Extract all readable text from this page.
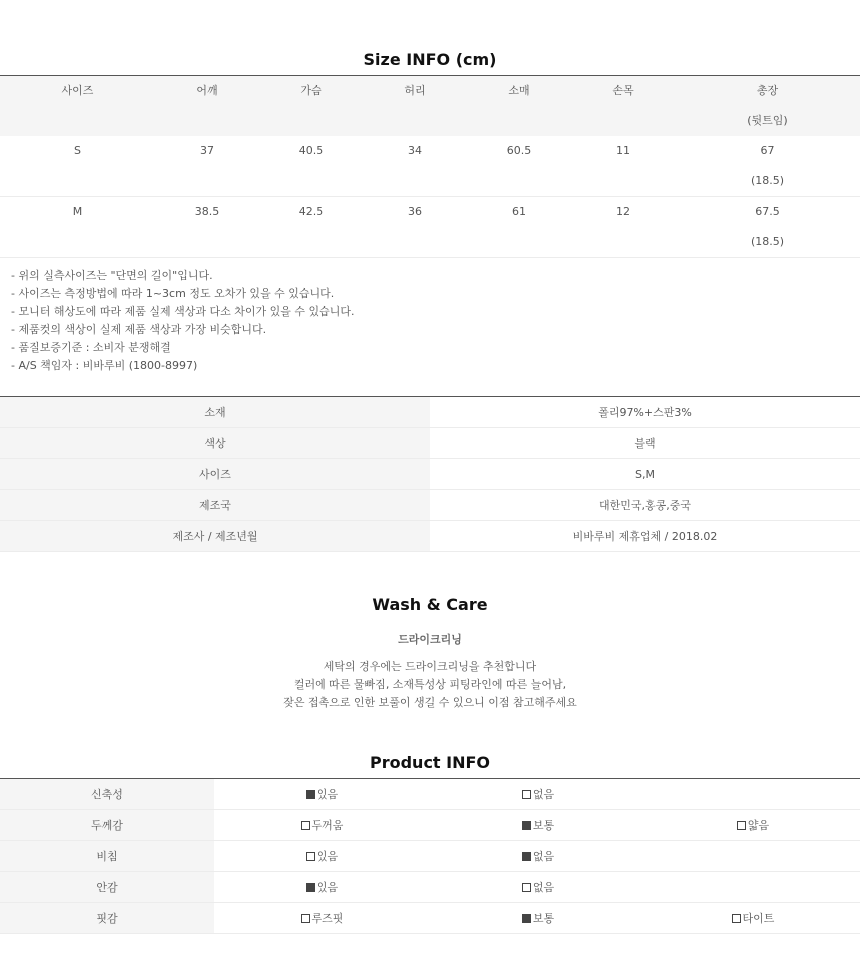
Size INFO (cm)
사이즈	어깨	가슴	허리	소매	손목	총장
(뒷트임)
S	37	40.5	34	60.5	11	67
(18.5)
M	38.5	42.5	36	61	12	67.5
(18.5)
- 위의 실측사이즈는 "단면의 길이"입니다.
- 사이즈는 측정방법에 따라 1~3cm 정도 오차가 있을 수 있습니다.
- 모니터 해상도에 따라 제품 실제 색상과 다소 차이가 있을 수 있습니다.
- 제품컷의 색상이 실제 제품 색상과 가장 비슷합니다.
- 품질보증기준 : 소비자 분쟁해결
- A/S 책임자 : 비바루비 (1800-8997)
소재	폴리97%+스판3%
색상	블랙
사이즈	S,M
제조국	대한민국,홍콩,중국
제조사 / 제조년월	비바루비 제휴업체 / 2018.02
Wash & Care
드라이크리닝
세탁의 경우에는 드라이크리닝을 추천합니다
컬러에 따른 물빠짐, 소재특성상 피팅라인에 따른 늘어남,
잦은 접촉으로 인한 보풀이 생길 수 있으니 이점 참고해주세요
Product INFO
신축성	있음	없음	

두께감	두꺼움	보통	얇음

비침	있음	없음	

안감	있음	없음	

핏감	루즈핏	보통	타이트
